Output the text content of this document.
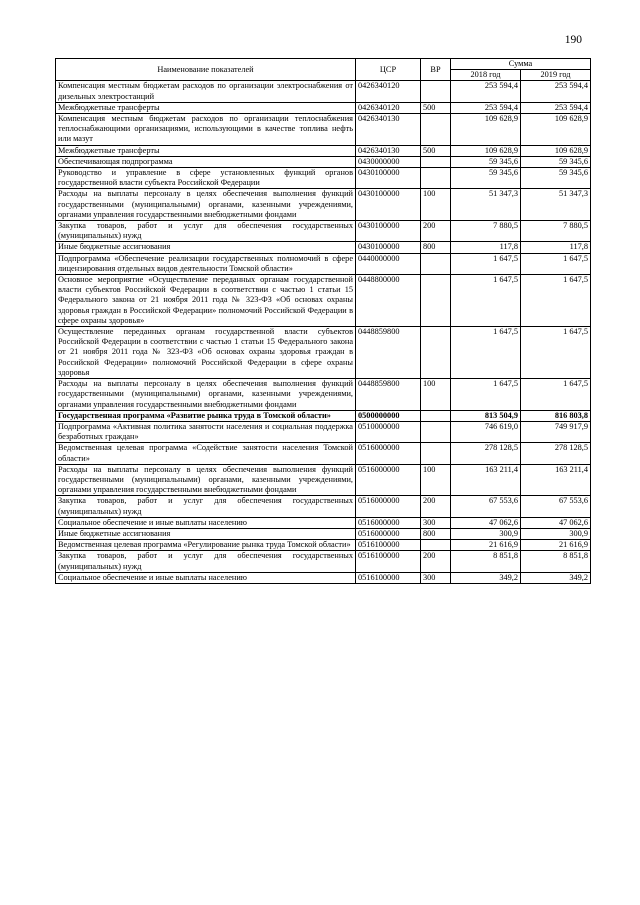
190
Наименование показателей	ЦСР	ВР	Сумма	
			2018 год	2019 год
Компенсация местным бюджетам расходов по организации электроснабжения от дизельных электростанций	0426340120		253 594,4	253 594,4
Межбюджетные трансферты	0426340120	500	253 594,4	253 594,4
Компенсация местным бюджетам расходов по организации теплоснабжения теплоснабжающими организациями, использующими в качестве топлива нефть или мазут	0426340130		109 628,9	109 628,9
Межбюджетные трансферты	0426340130	500	109 628,9	109 628,9
Обеспечивающая подпрограмма	0430000000		59 345,6	59 345,6
Руководство и управление в сфере установленных функций органов государственной власти субъекта Российской Федерации	0430100000		59 345,6	59 345,6
Расходы на выплаты персоналу в целях обеспечения выполнения функций государственными (муниципальными) органами, казенными учреждениями, органами управления государственными внебюджетными фондами	0430100000	100	51 347,3	51 347,3
Закупка товаров, работ и услуг для обеспечения государственных (муниципальных) нужд	0430100000	200	7 880,5	7 880,5
Иные бюджетные ассигнования	0430100000	800	117,8	117,8
Подпрограмма «Обеспечение реализации государственных полномочий в сфере лицензирования отдельных видов деятельности Томской области»	0440000000		1 647,5	1 647,5
Основное мероприятие «Осуществление переданных органам государственной власти субъектов Российской Федерации в соответствии с частью 1 статьи 15 Федерального закона от 21 ноября 2011 года № 323-ФЗ «Об основах охраны здоровья граждан в Российской Федерации» полномочий Российской Федерации в сфере охраны здоровья»	0448800000		1 647,5	1 647,5
Осуществление переданных органам государственной власти субъектов Российской Федерации в соответствии с частью 1 статьи 15 Федерального закона от 21 ноября 2011 года № 323-ФЗ «Об основах охраны здоровья граждан в Российской Федерации» полномочий Российской Федерации в сфере охраны здоровья	0448859800		1 647,5	1 647,5
Расходы на выплаты персоналу в целях обеспечения выполнения функций государственными (муниципальными) органами, казенными учреждениями, органами управления государственными внебюджетными фондами	0448859800	100	1 647,5	1 647,5
Государственная программа «Развитие рынка труда в Томской области»	0500000000		813 504,9	816 803,8
Подпрограмма «Активная политика занятости населения и социальная поддержка безработных граждан»	0510000000		746 619,0	749 917,9
Ведомственная целевая программа «Содействие занятости населения Томской области»	0516000000		278 128,5	278 128,5
Расходы на выплаты персоналу в целях обеспечения выполнения функций государственными (муниципальными) органами, казенными учреждениями, органами управления государственными внебюджетными фондами	0516000000	100	163 211,4	163 211,4
Закупка товаров, работ и услуг для обеспечения государственных (муниципальных) нужд	0516000000	200	67 553,6	67 553,6
Социальное обеспечение и иные выплаты населению	0516000000	300	47 062,6	47 062,6
Иные бюджетные ассигнования	0516000000	800	300,9	300,9
Ведомственная целевая программа «Регулирование рынка труда Томской области»	0516100000		21 616,9	21 616,9
Закупка товаров, работ и услуг для обеспечения государственных (муниципальных) нужд	0516100000	200	8 851,8	8 851,8
Социальное обеспечение и иные выплаты населению	0516100000	300	349,2	349,2
